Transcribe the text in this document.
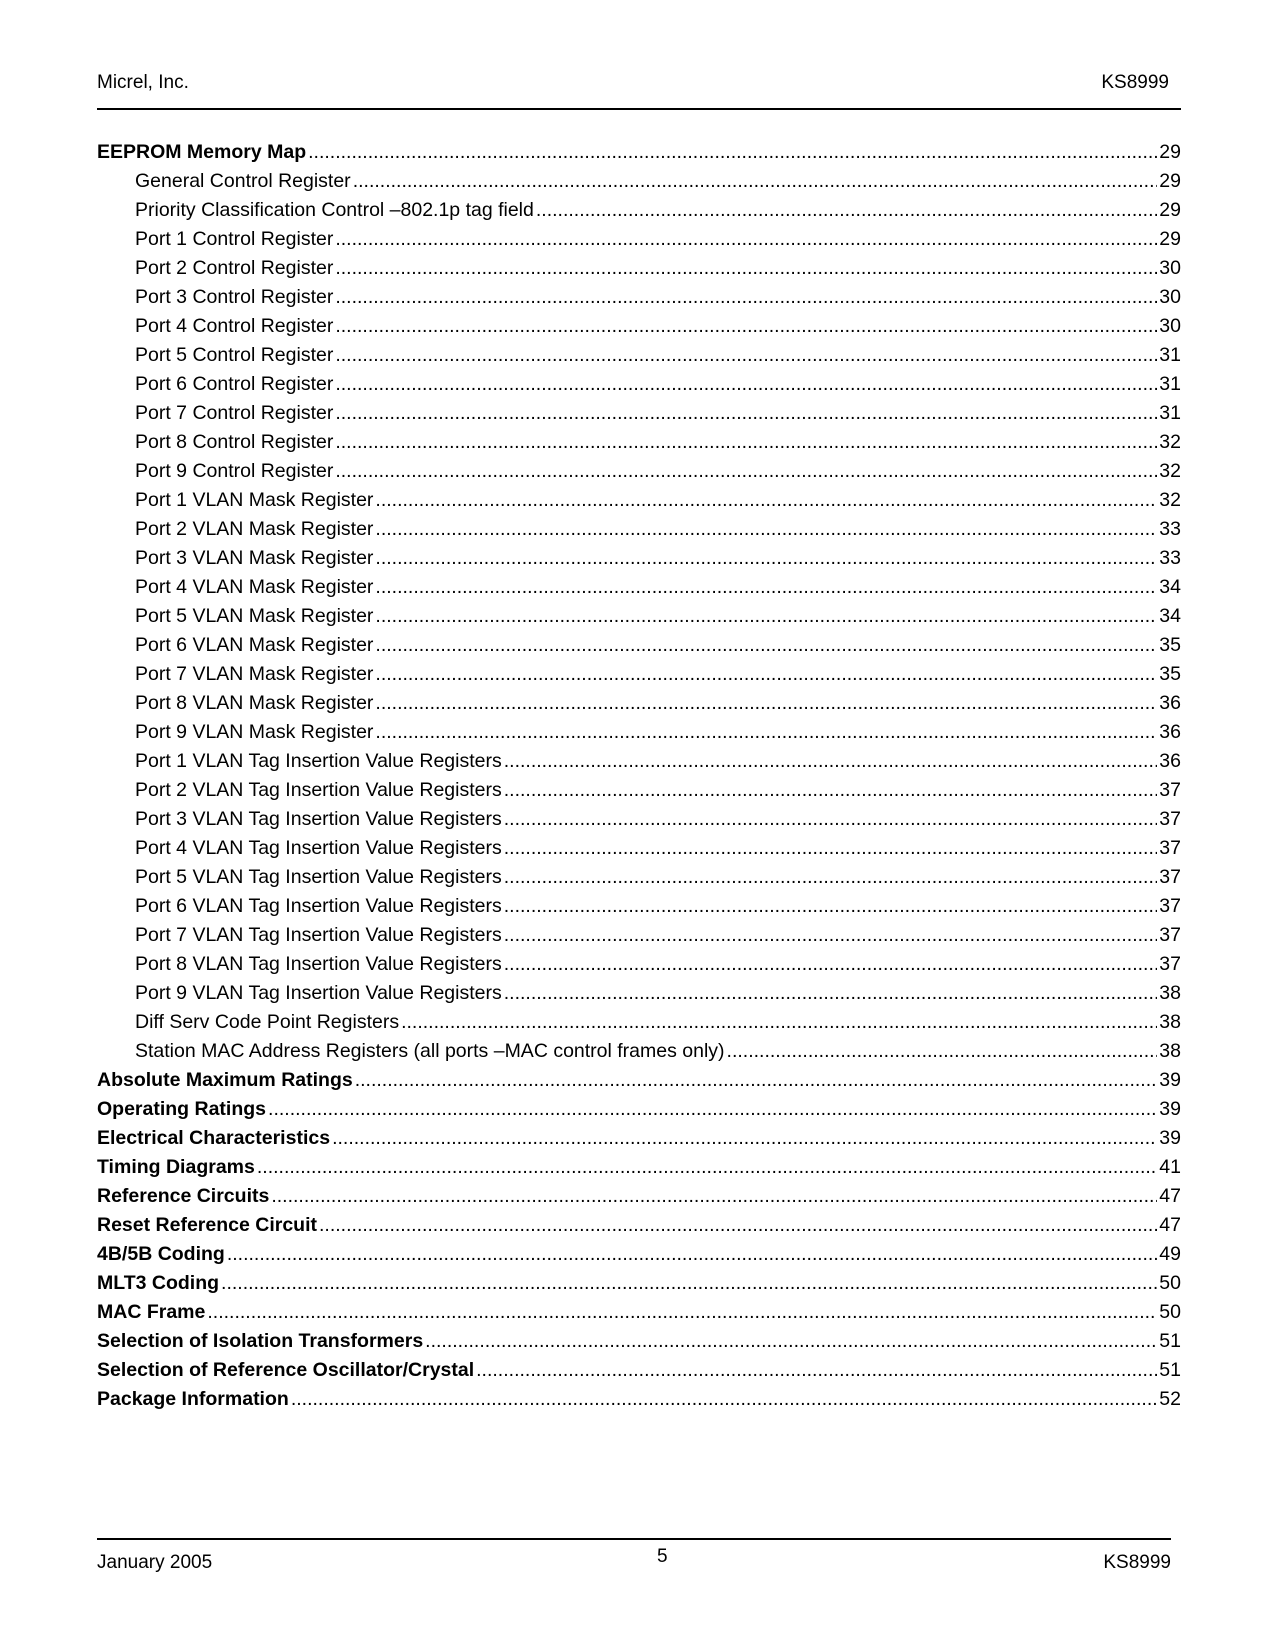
Micrel, Inc.	KS8999
EEPROM Memory Map .....	29
General Control Register .....	29
Priority Classification Control –802.1p tag field .....	29
Port 1 Control Register .....	29
Port 2 Control Register .....	30
Port 3 Control Register .....	30
Port 4 Control Register .....	30
Port 5 Control Register .....	31
Port 6 Control Register .....	31
Port 7 Control Register .....	31
Port 8 Control Register .....	32
Port 9 Control Register .....	32
Port 1 VLAN Mask Register .....	32
Port 2 VLAN Mask Register .....	33
Port 3 VLAN Mask Register .....	33
Port 4 VLAN Mask Register .....	34
Port 5 VLAN Mask Register .....	34
Port 6 VLAN Mask Register .....	35
Port 7 VLAN Mask Register .....	35
Port 8 VLAN Mask Register .....	36
Port 9 VLAN Mask Register .....	36
Port 1 VLAN Tag Insertion Value Registers .....	36
Port 2 VLAN Tag Insertion Value Registers .....	37
Port 3 VLAN Tag Insertion Value Registers .....	37
Port 4 VLAN Tag Insertion Value Registers .....	37
Port 5 VLAN Tag Insertion Value Registers .....	37
Port 6 VLAN Tag Insertion Value Registers .....	37
Port 7 VLAN Tag Insertion Value Registers .....	37
Port 8 VLAN Tag Insertion Value Registers .....	37
Port 9 VLAN Tag Insertion Value Registers .....	38
Diff Serv Code Point Registers .....	38
Station MAC Address Registers (all ports –MAC control frames only) .....	38
Absolute Maximum Ratings .....	39
Operating Ratings .....	39
Electrical Characteristics .....	39
Timing Diagrams .....	41
Reference Circuits .....	47
Reset Reference Circuit .....	47
4B/5B Coding .....	49
MLT3 Coding .....	50
MAC Frame .....	50
Selection of Isolation Transformers .....	51
Selection of Reference Oscillator/Crystal .....	51
Package Information .....	52
January 2005	5	KS8999
